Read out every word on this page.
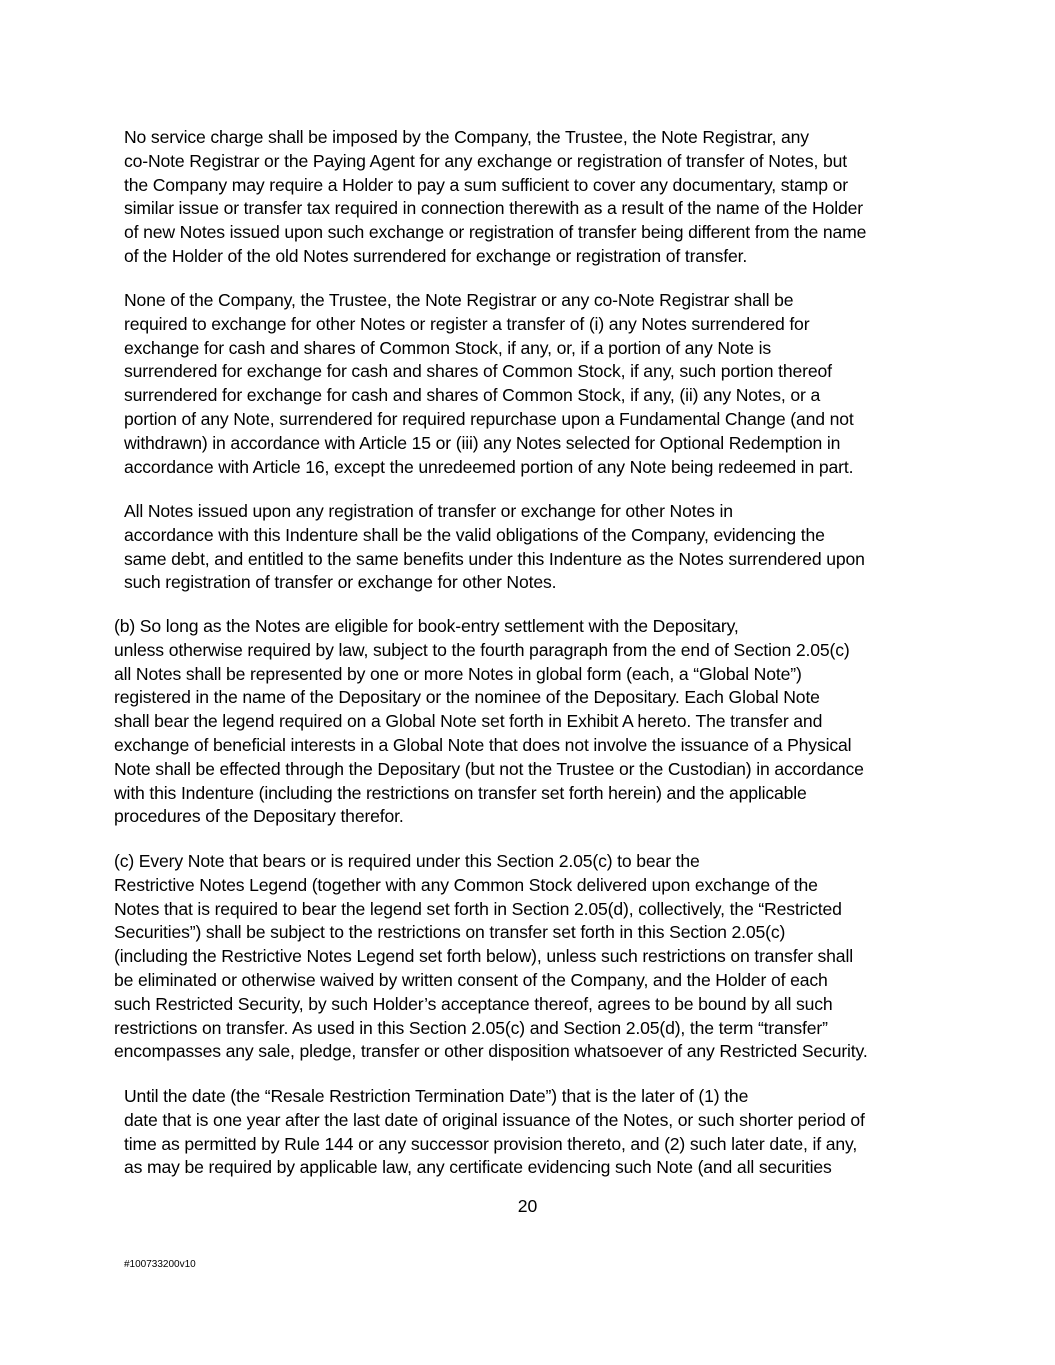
No service charge shall be imposed by the Company, the Trustee, the Note Registrar, any
co-Note Registrar or the Paying Agent for any exchange or registration of transfer of Notes, but
the Company may require a Holder to pay a sum sufficient to cover any documentary, stamp or
similar issue or transfer tax required in connection therewith as a result of the name of the Holder
of new Notes issued upon such exchange or registration of transfer being different from the name
of the Holder of the old Notes surrendered for exchange or registration of transfer.

None of the Company, the Trustee, the Note Registrar or any co-Note Registrar shall be
required to exchange for other Notes or register a transfer of (i) any Notes surrendered for
exchange for cash and shares of Common Stock, if any, or, if a portion of any Note is
surrendered for exchange for cash and shares of Common Stock, if any, such portion thereof
surrendered for exchange for cash and shares of Common Stock, if any, (ii) any Notes, or a
portion of any Note, surrendered for required repurchase upon a Fundamental Change (and not
withdrawn) in accordance with Article 15 or (iii) any Notes selected for Optional Redemption in
accordance with Article 16, except the unredeemed portion of any Note being redeemed in part.

All Notes issued upon any registration of transfer or exchange for other Notes in
accordance with this Indenture shall be the valid obligations of the Company, evidencing the
same debt, and entitled to the same benefits under this Indenture as the Notes surrendered upon
such registration of transfer or exchange for other Notes.

(b) So long as the Notes are eligible for book-entry settlement with the Depositary,
unless otherwise required by law, subject to the fourth paragraph from the end of Section 2.05(c)
all Notes shall be represented by one or more Notes in global form (each, a “Global Note”)
registered in the name of the Depositary or the nominee of the Depositary. Each Global Note
shall bear the legend required on a Global Note set forth in Exhibit A hereto. The transfer and
exchange of beneficial interests in a Global Note that does not involve the issuance of a Physical
Note shall be effected through the Depositary (but not the Trustee or the Custodian) in accordance
with this Indenture (including the restrictions on transfer set forth herein) and the applicable
procedures of the Depositary therefor.

(c) Every Note that bears or is required under this Section 2.05(c) to bear the
Restrictive Notes Legend (together with any Common Stock delivered upon exchange of the
Notes that is required to bear the legend set forth in Section 2.05(d), collectively, the “Restricted
Securities”) shall be subject to the restrictions on transfer set forth in this Section 2.05(c)
(including the Restrictive Notes Legend set forth below), unless such restrictions on transfer shall
be eliminated or otherwise waived by written consent of the Company, and the Holder of each
such Restricted Security, by such Holder’s acceptance thereof, agrees to be bound by all such
restrictions on transfer. As used in this Section 2.05(c) and Section 2.05(d), the term “transfer”
encompasses any sale, pledge, transfer or other disposition whatsoever of any Restricted Security.

Until the date (the “Resale Restriction Termination Date”) that is the later of (1) the
date that is one year after the last date of original issuance of the Notes, or such shorter period of
time as permitted by Rule 144 or any successor provision thereto, and (2) such later date, if any,
as may be required by applicable law, any certificate evidencing such Note (and all securities

20
#100733200v10
